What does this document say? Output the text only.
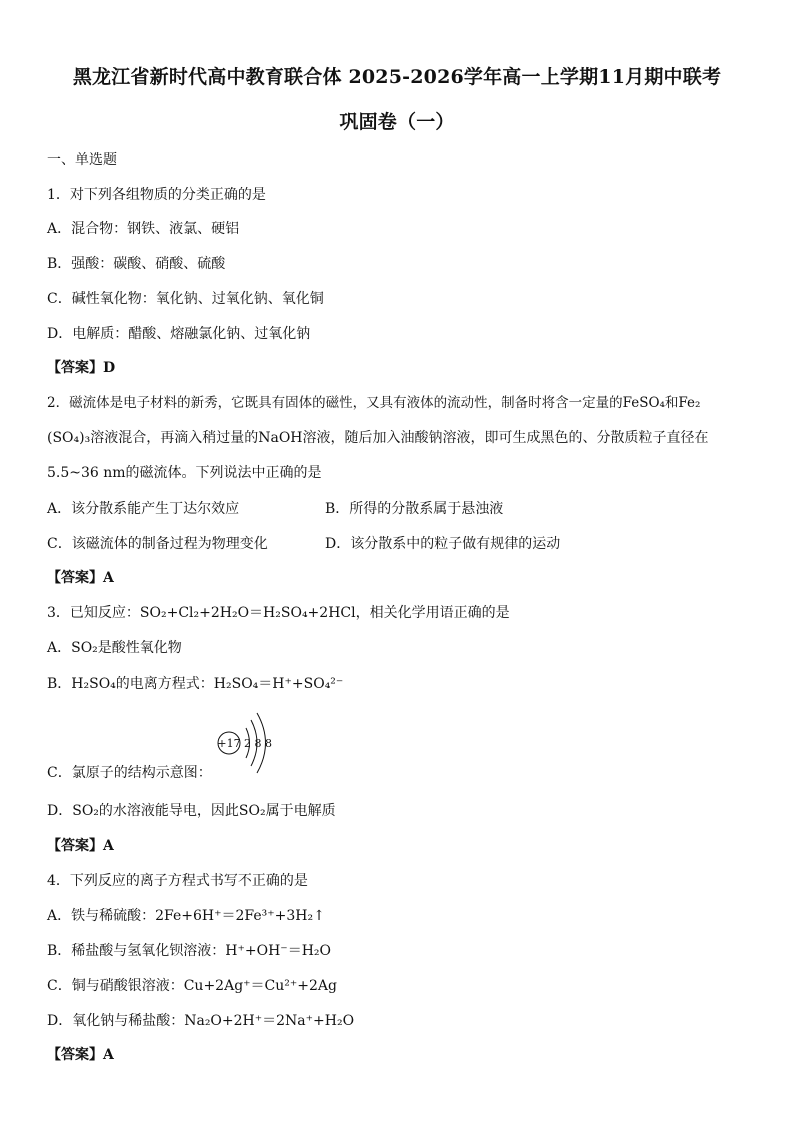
黑龙江省新时代高中教育联合体 2025-2026学年高一上学期11月期中联考
巩固卷（一）
一、单选题
1．对下列各组物质的分类正确的是
A．混合物：钢铁、液氯、硬铝
B．强酸：碳酸、硝酸、硫酸
C．碱性氧化物：氧化钠、过氧化钠、氧化铜
D．电解质：醋酸、熔融氯化钠、过氧化钠
【答案】D
2．磁流体是电子材料的新秀，它既具有固体的磁性，又具有液体的流动性，制备时将含一定量的FeSO₄和Fe₂
(SO₄)₃溶液混合，再滴入稍过量的NaOH溶液，随后加入油酸钠溶液，即可生成黑色的、分散质粒子直径在
5.5~36 nm的磁流体。下列说法中正确的是
A．该分散系能产生丁达尔效应	B．所得的分散系属于悬浊液
C．该磁流体的制备过程为物理变化	D．该分散系中的粒子做有规律的运动
【答案】A
3．已知反应：SO₂+Cl₂+2H₂O＝H₂SO₄+2HCl，相关化学用语正确的是
A．SO₂是酸性氧化物
B．H₂SO₄的电离方程式：H₂SO₄＝H⁺+SO₄²⁻
+17 2 8 8
C．氯原子的结构示意图：
D．SO₂的水溶液能导电，因此SO₂属于电解质
【答案】A
4．下列反应的离子方程式书写不正确的是
A．铁与稀硫酸：2Fe+6H⁺＝2Fe³⁺+3H₂↑
B．稀盐酸与氢氧化钡溶液：H⁺+OH⁻＝H₂O
C．铜与硝酸银溶液：Cu+2Ag⁺＝Cu²⁺+2Ag
D．氧化钠与稀盐酸：Na₂O+2H⁺＝2Na⁺+H₂O
【答案】A
